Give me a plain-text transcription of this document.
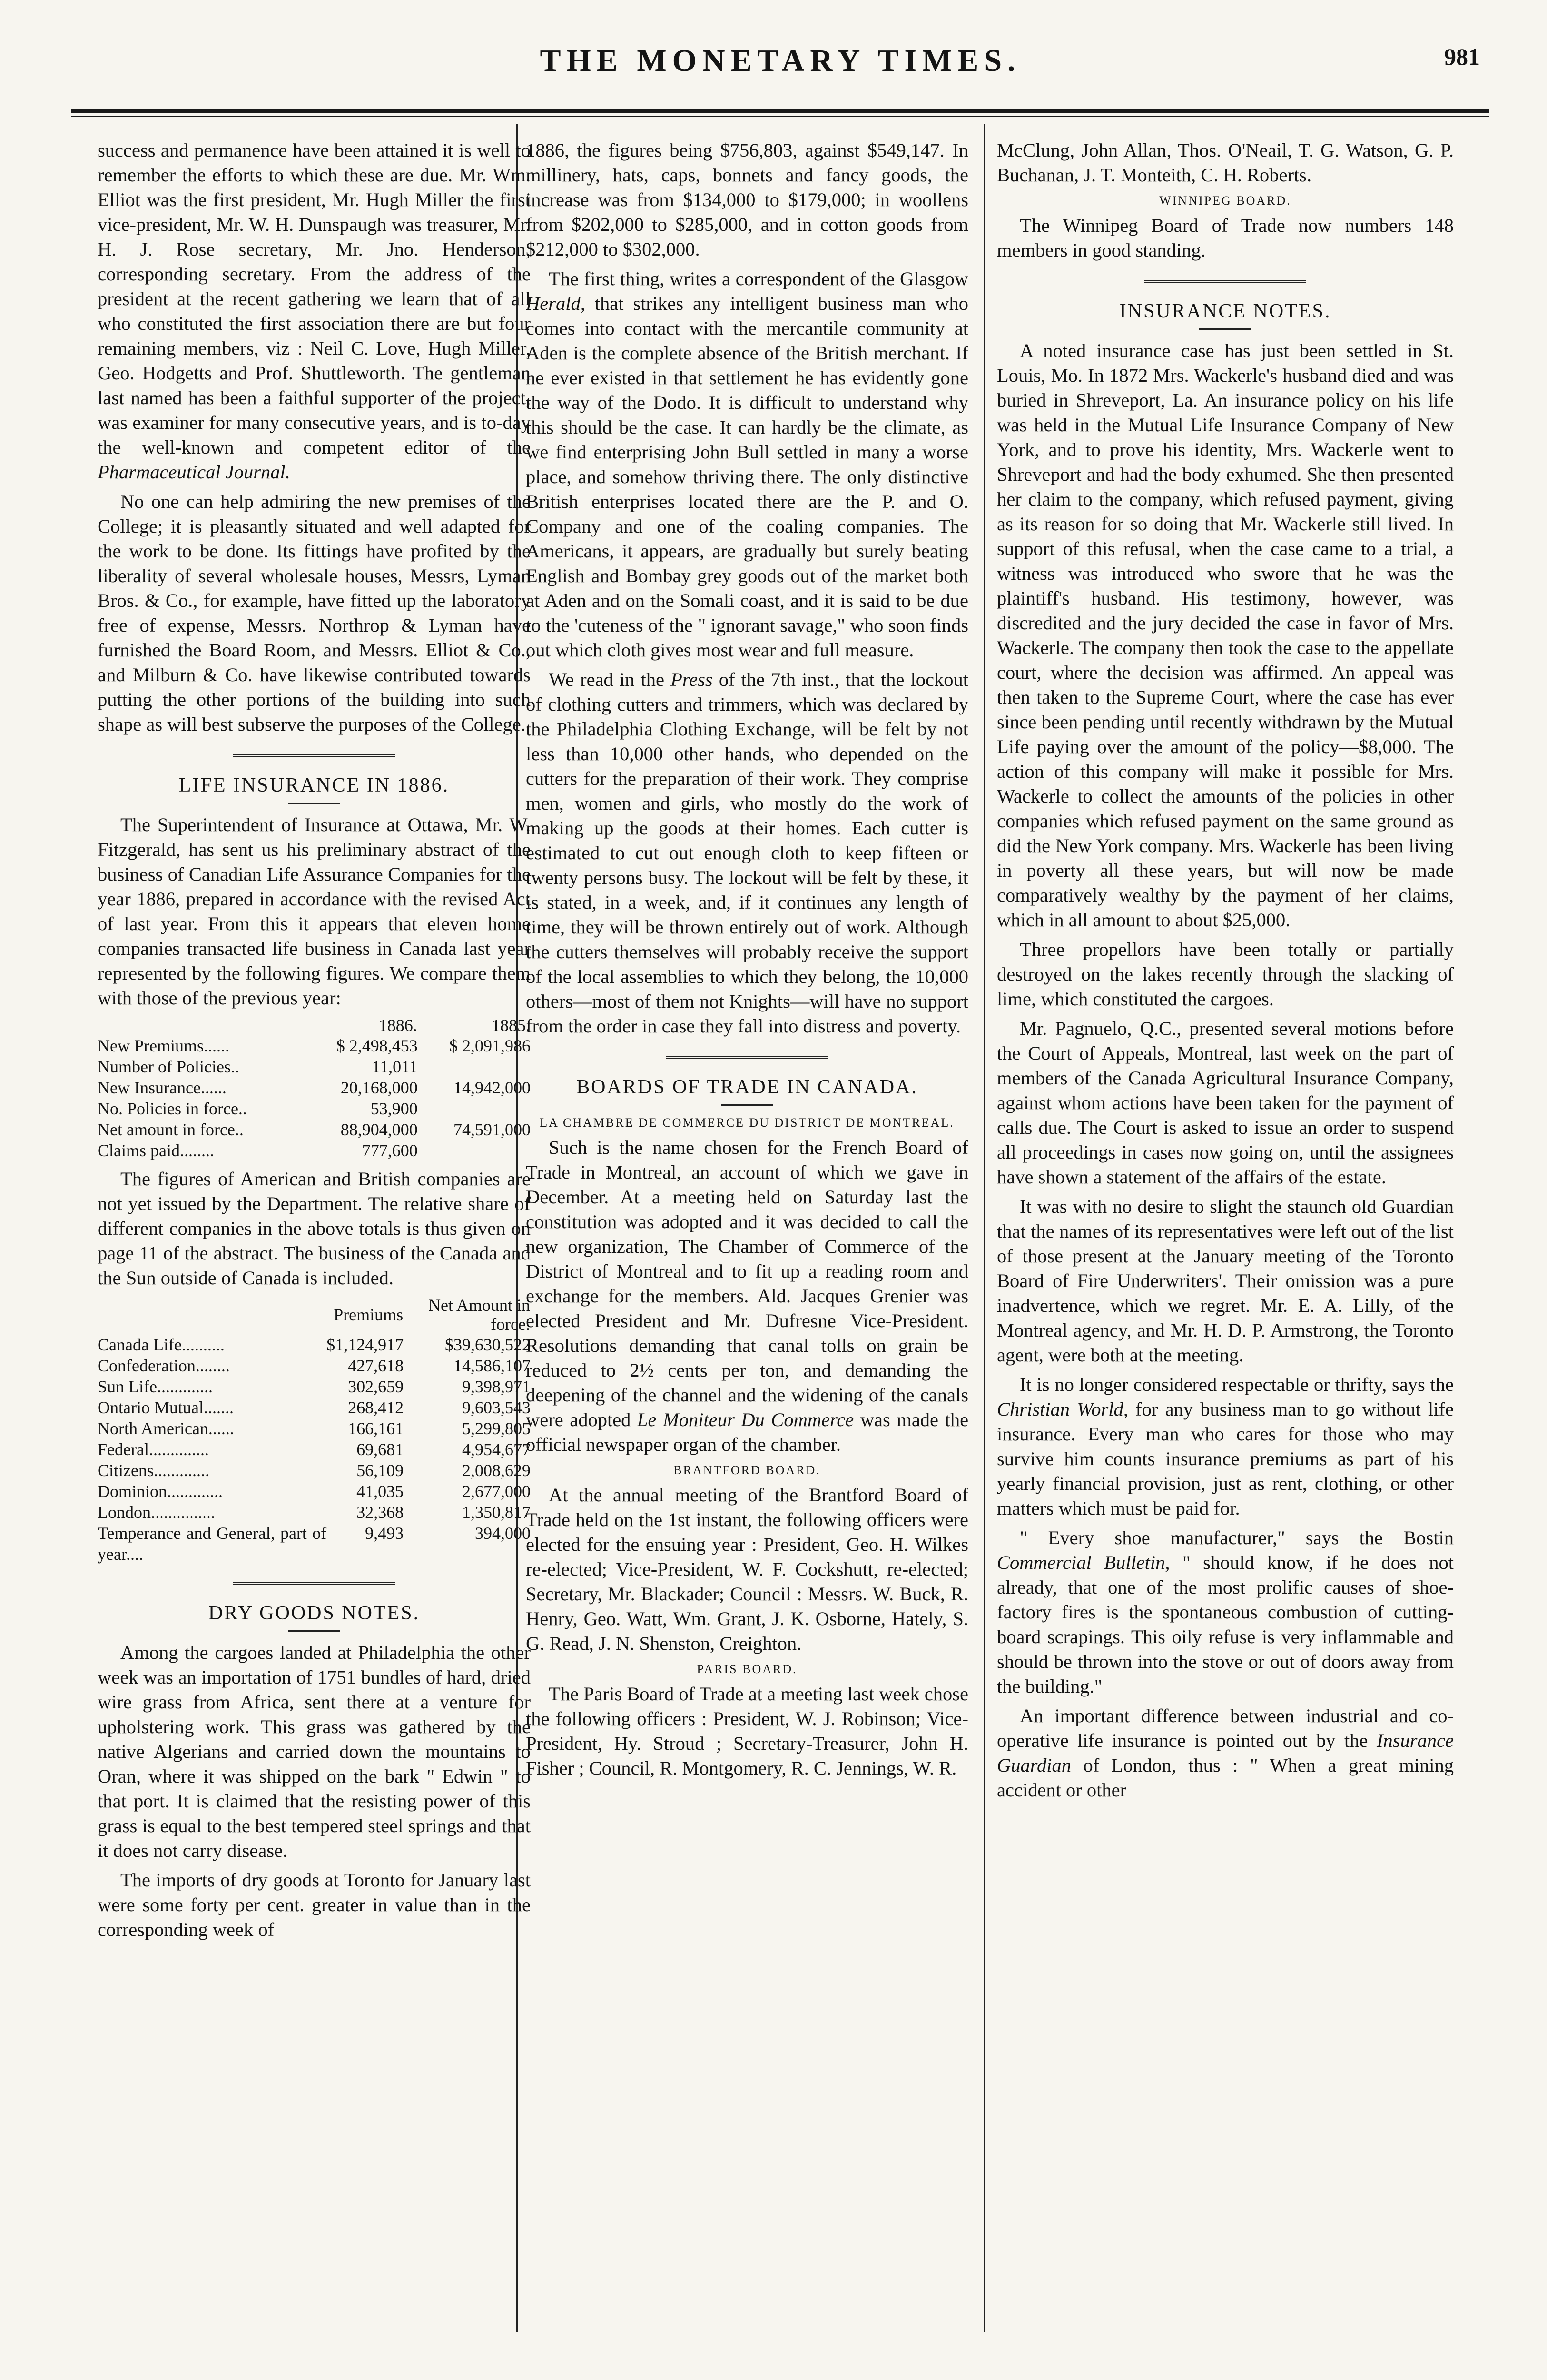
THE MONETARY TIMES.	981

success and permanence have been attained it is well to remember the efforts to which these are due. Mr. Wm. Elliot was the first president, Mr. Hugh Miller the first vice-president, Mr. W. H. Dunspaugh was treasurer, Mr. H. J. Rose secretary, Mr. Jno. Henderson, corresponding secretary. From the address of the president at the recent gathering we learn that of all who constituted the first association there are but four remaining members, viz : Neil C. Love, Hugh Miller, Geo. Hodgetts and Prof. Shuttleworth. The gentleman last named has been a faithful supporter of the project, was examiner for many consecutive years, and is to-day the well-known and competent editor of the Pharmaceutical Journal.

No one can help admiring the new premises of the College; it is pleasantly situated and well adapted for the work to be done. Its fittings have profited by the liberality of several wholesale houses, Messrs, Lyman Bros. & Co., for example, have fitted up the laboratory free of expense, Messrs. Northrop & Lyman have furnished the Board Room, and Messrs. Elliot & Co., and Milburn & Co. have likewise contributed towards putting the other portions of the building into such shape as will best subserve the purposes of the College.

LIFE INSURANCE IN 1886.

The Superintendent of Insurance at Ottawa, Mr. W. Fitzgerald, has sent us his preliminary abstract of the business of Canadian Life Assurance Companies for the year 1886, prepared in accordance with the revised Act of last year. From this it appears that eleven home companies transacted life business in Canada last year represented by the following figures. We compare them with those of the previous year:

	1886.	1885.
New Premiums......	$ 2,498,453	$ 2,091,986
Number of Policies..	11,011	
New Insurance......	20,168,000	14,942,000
No. Policies in force..	53,900	
Net amount in force..	88,904,000	74,591,000
Claims paid........	777,600	

The figures of American and British companies are not yet issued by the Department. The relative share of different companies in the above totals is thus given on page 11 of the abstract. The business of the Canada and the Sun outside of Canada is included.

	Premiums	Net Amount in force.
Canada Life..........	$1,124,917	$39,630,522
Confederation........	427,618	14,586,107
Sun Life.............	302,659	9,398,971
Ontario Mutual.......	268,412	9,603,543
North American......	166,161	5,299,805
Federal..............	69,681	4,954,677
Citizens.............	56,109	2,008,629
Dominion.............	41,035	2,677,000
London...............	32,368	1,350,817
Temperance and General, part of year....	9,493	394,000
DRY GOODS NOTES.

Among the cargoes landed at Philadelphia the other week was an importation of 1751 bundles of hard, dried wire grass from Africa, sent there at a venture for upholstering work. This grass was gathered by the native Algerians and carried down the mountains to Oran, where it was shipped on the bark " Edwin " to that port. It is claimed that the resisting power of this grass is equal to the best tempered steel springs and that it does not carry disease.

The imports of dry goods at Toronto for January last were some forty per cent. greater in value than in the corresponding week of

1886, the figures being $756,803, against $549,147. In millinery, hats, caps, bonnets and fancy goods, the increase was from $134,000 to $179,000; in woollens from $202,000 to $285,000, and in cotton goods from $212,000 to $302,000.

The first thing, writes a correspondent of the Glasgow Herald, that strikes any intelligent business man who comes into contact with the mercantile community at Aden is the complete absence of the British merchant. If he ever existed in that settlement he has evidently gone the way of the Dodo. It is difficult to understand why this should be the case. It can hardly be the climate, as we find enterprising John Bull settled in many a worse place, and somehow thriving there. The only distinctive British enterprises located there are the P. and O. Company and one of the coaling companies. The Americans, it appears, are gradually but surely beating English and Bombay grey goods out of the market both at Aden and on the Somali coast, and it is said to be due to the 'cuteness of the " ignorant savage," who soon finds out which cloth gives most wear and full measure.

We read in the Press of the 7th inst., that the lockout of clothing cutters and trimmers, which was declared by the Philadelphia Clothing Exchange, will be felt by not less than 10,000 other hands, who depended on the cutters for the preparation of their work. They comprise men, women and girls, who mostly do the work of making up the goods at their homes. Each cutter is estimated to cut out enough cloth to keep fifteen or twenty persons busy. The lockout will be felt by these, it is stated, in a week, and, if it continues any length of time, they will be thrown entirely out of work. Although the cutters themselves will probably receive the support of the local assemblies to which they belong, the 10,000 others—most of them not Knights—will have no support from the order in case they fall into distress and poverty.

BOARDS OF TRADE IN CANADA.
LA CHAMBRE DE COMMERCE DU DISTRICT DE MONTREAL.

Such is the name chosen for the French Board of Trade in Montreal, an account of which we gave in December. At a meeting held on Saturday last the constitution was adopted and it was decided to call the new organization, The Chamber of Commerce of the District of Montreal and to fit up a reading room and exchange for the members. Ald. Jacques Grenier was elected President and Mr. Dufresne Vice-President. Resolutions demanding that canal tolls on grain be reduced to 2½ cents per ton, and demanding the deepening of the channel and the widening of the canals were adopted Le Moniteur Du Commerce was made the official newspaper organ of the chamber.

BRANTFORD BOARD.

At the annual meeting of the Brantford Board of Trade held on the 1st instant, the following officers were elected for the ensuing year : President, Geo. H. Wilkes re-elected; Vice-President, W. F. Cockshutt, re-elected; Secretary, Mr. Blackader; Council : Messrs. W. Buck, R. Henry, Geo. Watt, Wm. Grant, J. K. Osborne, Hately, S. G. Read, J. N. Shenston, Creighton.

PARIS BOARD.

The Paris Board of Trade at a meeting last week chose the following officers : President, W. J. Robinson; Vice-President, Hy. Stroud ; Secretary-Treasurer, John H. Fisher ; Council, R. Montgomery, R. C. Jennings, W. R.

McClung, John Allan, Thos. O'Neail, T. G. Watson, G. P. Buchanan, J. T. Monteith, C. H. Roberts.

WINNIPEG BOARD.

The Winnipeg Board of Trade now numbers 148 members in good standing.

INSURANCE NOTES.

A noted insurance case has just been settled in St. Louis, Mo. In 1872 Mrs. Wackerle's husband died and was buried in Shreveport, La. An insurance policy on his life was held in the Mutual Life Insurance Company of New York, and to prove his identity, Mrs. Wackerle went to Shreveport and had the body exhumed. She then presented her claim to the company, which refused payment, giving as its reason for so doing that Mr. Wackerle still lived. In support of this refusal, when the case came to a trial, a witness was introduced who swore that he was the plaintiff's husband. His testimony, however, was discredited and the jury decided the case in favor of Mrs. Wackerle. The company then took the case to the appellate court, where the decision was affirmed. An appeal was then taken to the Supreme Court, where the case has ever since been pending until recently withdrawn by the Mutual Life paying over the amount of the policy—$8,000. The action of this company will make it possible for Mrs. Wackerle to collect the amounts of the policies in other companies which refused payment on the same ground as did the New York company. Mrs. Wackerle has been living in poverty all these years, but will now be made comparatively wealthy by the payment of her claims, which in all amount to about $25,000.

Three propellors have been totally or partially destroyed on the lakes recently through the slacking of lime, which constituted the cargoes.

Mr. Pagnuelo, Q.C., presented several motions before the Court of Appeals, Montreal, last week on the part of members of the Canada Agricultural Insurance Company, against whom actions have been taken for the payment of calls due. The Court is asked to issue an order to suspend all proceedings in cases now going on, until the assignees have shown a statement of the affairs of the estate.

It was with no desire to slight the staunch old Guardian that the names of its representatives were left out of the list of those present at the January meeting of the Toronto Board of Fire Underwriters'. Their omission was a pure inadvertence, which we regret. Mr. E. A. Lilly, of the Montreal agency, and Mr. H. D. P. Armstrong, the Toronto agent, were both at the meeting.

It is no longer considered respectable or thrifty, says the Christian World, for any business man to go without life insurance. Every man who cares for those who may survive him counts insurance premiums as part of his yearly financial provision, just as rent, clothing, or other matters which must be paid for.

" Every shoe manufacturer," says the Bostin Commercial Bulletin, " should know, if he does not already, that one of the most prolific causes of shoe-factory fires is the spontaneous combustion of cutting-board scrapings. This oily refuse is very inflammable and should be thrown into the stove or out of doors away from the building."

An important difference between industrial and co-operative life insurance is pointed out by the Insurance Guardian of London, thus : " When a great mining accident or other
